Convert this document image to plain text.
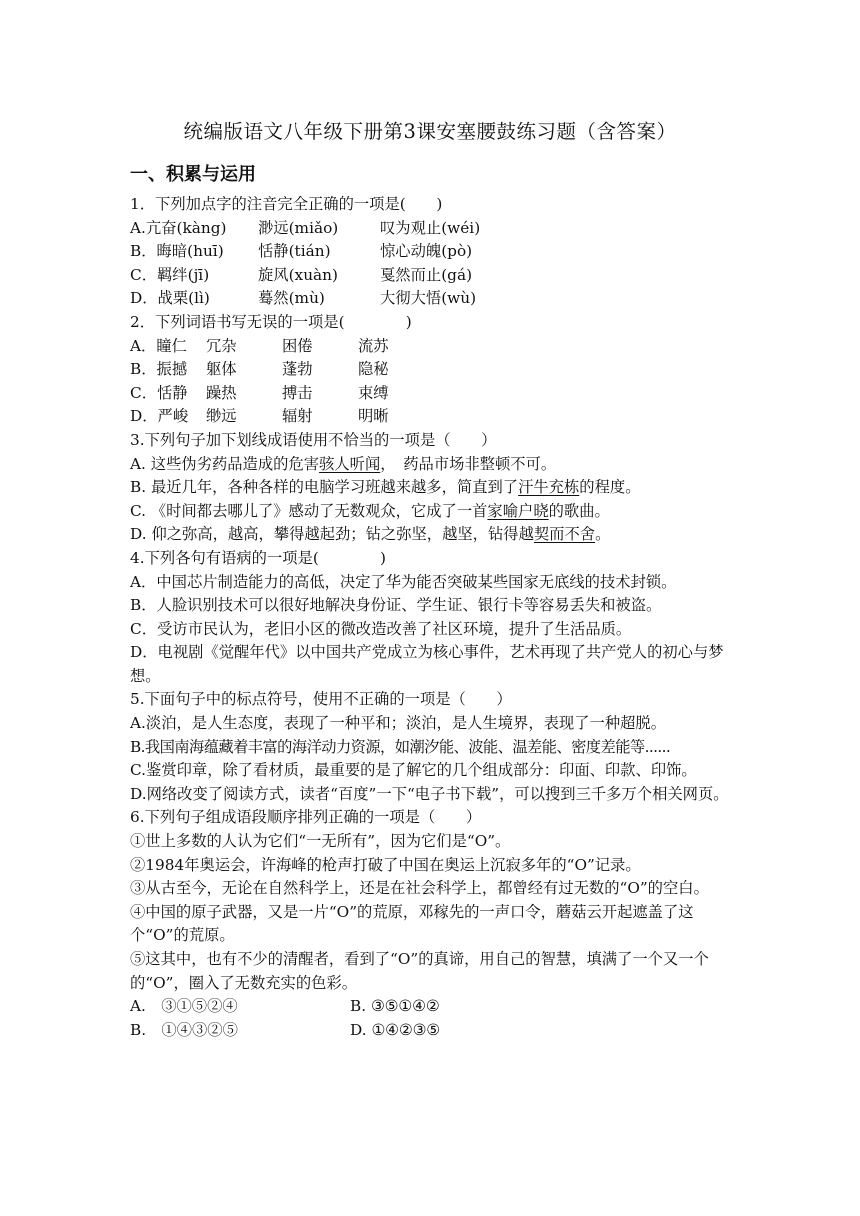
统编版语文八年级下册第3课安塞腰鼓练习题（含答案）
一、积累与运用
1．下列加点字的注音完全正确的一项是(　　)
A.亢奋(kàng) 渺远(miǎo)	叹为观止(wéi)
B．晦暗(huī) 恬静(tián)	惊心动魄(pò)
C．羁绊(jī)	旋风(xuàn)	戛然而止(gá)
D．战栗(lì)	蓦然(mù)	大彻大悟(wù)
2．下列词语书写无误的一项是(　　　　)
A．瞳仁 冗杂	困倦	流苏
B．振撼 躯体	蓬勃	隐秘
C．恬静 躁热	搏击	束缚
D．严峻 缈远	辐射	明晰
3.下列句子加下划线成语使用不恰当的一项是（　　）
A. 这些伪劣药品造成的危害骇人听闻，　药品市场非整顿不可。
B. 最近几年，各种各样的电脑学习班越来越多，简直到了汗牛充栋的程度。
C. 《时间都去哪儿了》感动了无数观众，它成了一首家喻户晓的歌曲。
D. 仰之弥高，越高，攀得越起劲；钻之弥坚，越坚，钻得越契而不舍。
4.下列各句有语病的一项是(　　　　)
A．中国芯片制造能力的高低，决定了华为能否突破某些国家无底线的技术封锁。
B．人脸识别技术可以很好地解决身份证、学生证、银行卡等容易丢失和被盗。
C．受访市民认为，老旧小区的微改造改善了社区环境，提升了生活品质。
D．电视剧《觉醒年代》以中国共产党成立为核心事件，艺术再现了共产党人的初心与梦想。
5.下面句子中的标点符号，使用不正确的一项是（　　）
A.淡泊，是人生态度，表现了一种平和；淡泊，是人生境界，表现了一种超脱。
B.我国南海蕴藏着丰富的海洋动力资源，如潮汐能、波能、温差能、密度差能等......
C.鉴赏印章，除了看材质，最重要的是了解它的几个组成部分：印面、印款、印饰。
D.网络改变了阅读方式，读者“百度”一下“电子书下载”，可以搜到三千多万个相关网页。
6.下列句子组成语段顺序排列正确的一项是（　　）
①世上多数的人认为它们“一无所有”，因为它们是“O”。
②1984年奥运会，许海峰的枪声打破了中国在奥运上沉寂多年的“O”记录。
③从古至今，无论在自然科学上，还是在社会科学上，都曾经有过无数的“O”的空白。
④中国的原子武器，又是一片“O”的荒原，邓稼先的一声口令，蘑菇云开起遮盖了这个“O”的荒原。
⑤这其中，也有不少的清醒者，看到了“O”的真谛，用自己的智慧，填满了一个又一个的“O”，圈入了无数充实的色彩。
A.　③①⑤②④	B. ③⑤①④②
B.　①④③②⑤	D. ①④②③⑤
